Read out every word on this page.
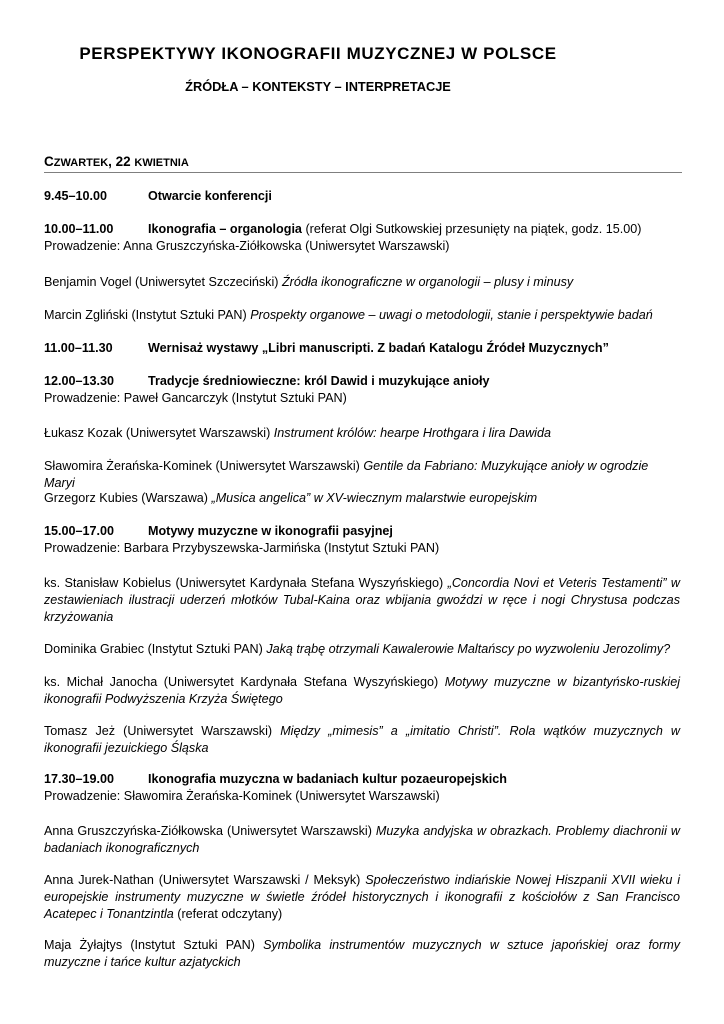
PERSPEKTYWY IKONOGRAFII MUZYCZNEJ W POLSCE
ŹRÓDŁA – KONTEKSTY – INTERPRETACJE
CZWARTEK, 22 KWIETNIA
9.45–10.00	Otwarcie konferencji
10.00–11.00	Ikonografia – organologia (referat Olgi Sutkowskiej przesunięty na piątek, godz. 15.00)
Prowadzenie: Anna Gruszczyńska-Ziółkowska (Uniwersytet Warszawski)
Benjamin Vogel (Uniwersytet Szczeciński) Źródła ikonograficzne w organologii – plusy i minusy
Marcin Zgliński (Instytut Sztuki PAN) Prospekty organowe – uwagi o metodologii, stanie i perspektywie badań
11.00–11.30	Wernisaż wystawy „Libri manuscripti. Z badań Katalogu Źródeł Muzycznych”
12.00–13.30	Tradycje średniowieczne: król Dawid i muzykujące anioły
Prowadzenie: Paweł Gancarczyk (Instytut Sztuki PAN)
Łukasz Kozak (Uniwersytet Warszawski) Instrument królów: hearpe Hrothgara i lira Dawida
Sławomira Żerańska-Kominek (Uniwersytet Warszawski) Gentile da Fabriano: Muzykujące anioły w ogrodzie Maryi
Grzegorz Kubies (Warszawa) „Musica angelica” w XV-wiecznym malarstwie europejskim
15.00–17.00	Motywy muzyczne w ikonografii pasyjnej
Prowadzenie: Barbara Przybyszewska-Jarmińska (Instytut Sztuki PAN)
ks. Stanisław Kobielus (Uniwersytet Kardynała Stefana Wyszyńskiego) „Concordia Novi et Veteris Testamenti” w zestawieniach ilustracji uderzeń młotków Tubal-Kaina oraz wbijania gwoździ w ręce i nogi Chrystusa podczas krzyżowania
Dominika Grabiec (Instytut Sztuki PAN) Jaką trąbę otrzymali Kawalerowie Maltańscy po wyzwoleniu Jerozolimy?
ks. Michał Janocha (Uniwersytet Kardynała Stefana Wyszyńskiego) Motywy muzyczne w bizantyńsko-ruskiej ikonografii Podwyższenia Krzyża Świętego
Tomasz Jeż (Uniwersytet Warszawski) Między „mimesis” a „imitatio Christi”. Rola wątków muzycznych w ikonografii jezuickiego Śląska
17.30–19.00	Ikonografia muzyczna w badaniach kultur pozaeuropejskich
Prowadzenie: Sławomira Żerańska-Kominek (Uniwersytet Warszawski)
Anna Gruszczyńska-Ziółkowska (Uniwersytet Warszawski) Muzyka andyjska w obrazkach. Problemy diachronii w badaniach ikonograficznych
Anna Jurek-Nathan (Uniwersytet Warszawski / Meksyk) Społeczeństwo indiańskie Nowej Hiszpanii XVII wieku i europejskie instrumenty muzyczne w świetle źródeł historycznych i ikonografii z kościołów z San Francisco Acatepec i Tonantzintla (referat odczytany)
Maja Żyłajtys (Instytut Sztuki PAN) Symbolika instrumentów muzycznych w sztuce japońskiej oraz formy muzyczne i tańce kultur azjatyckich
